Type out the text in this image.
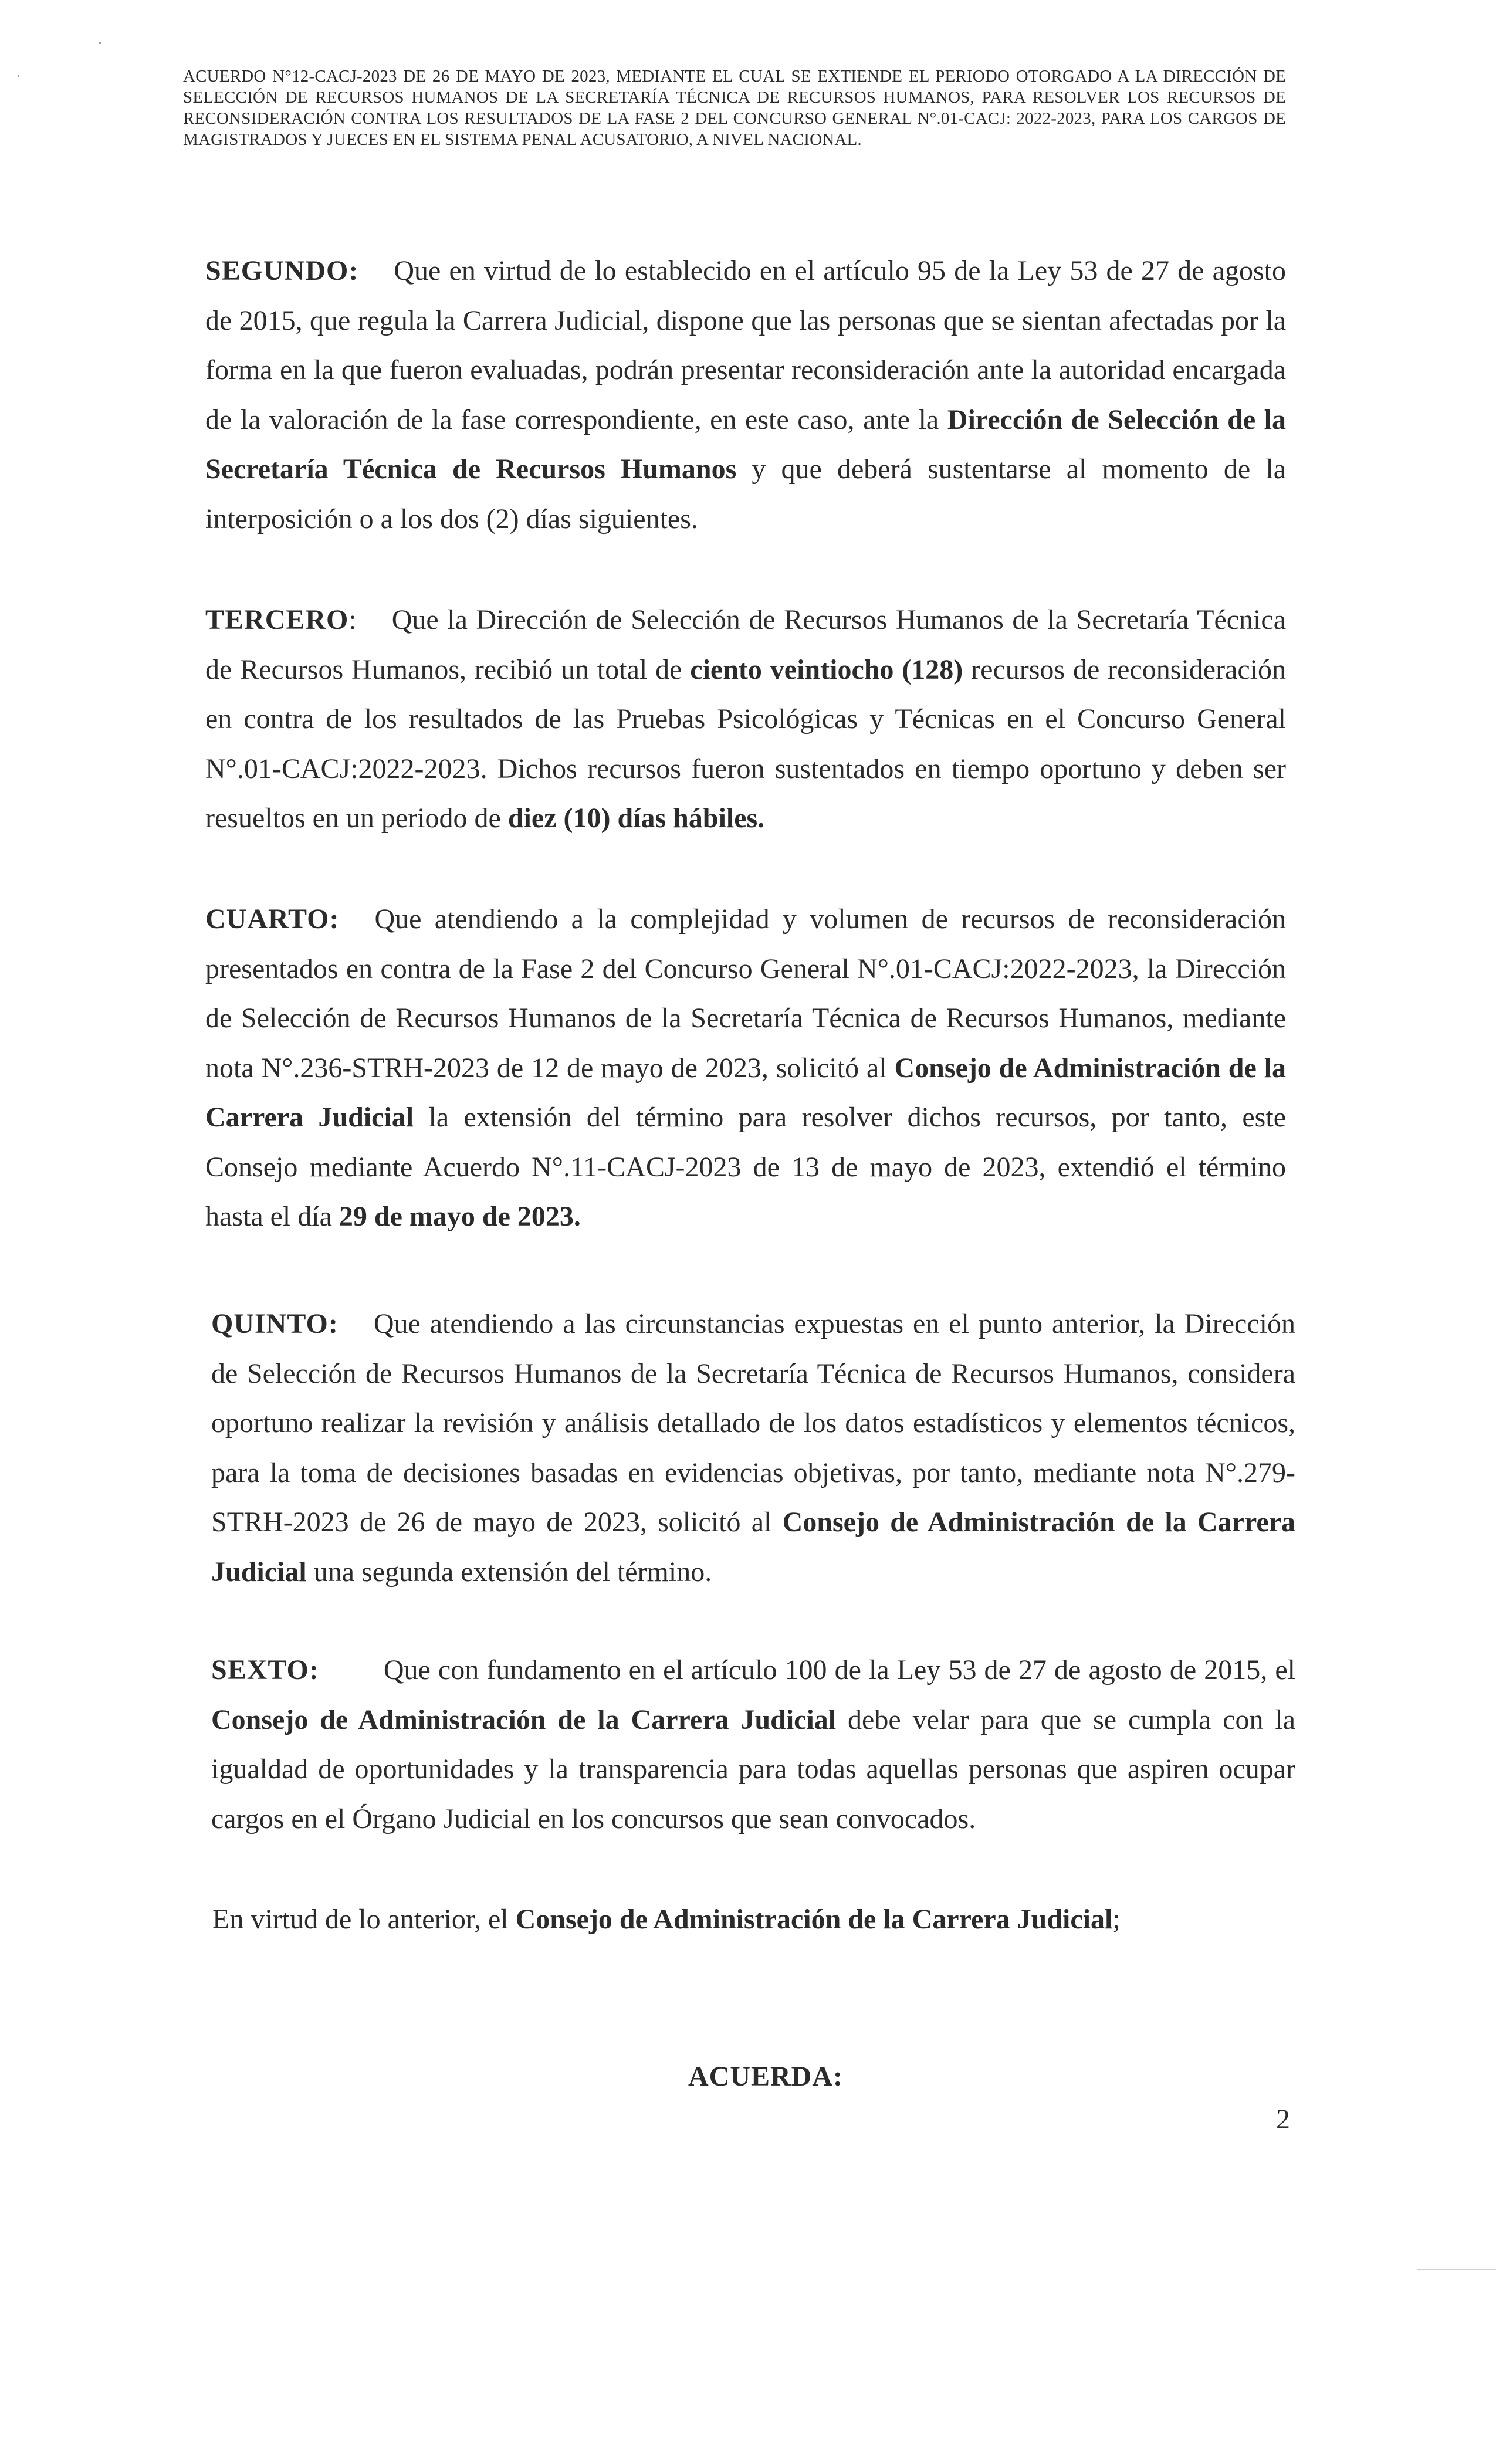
ACUERDO N°12-CACJ-2023 DE 26 DE MAYO DE 2023, MEDIANTE EL CUAL SE EXTIENDE EL PERIODO OTORGADO A LA DIRECCIÓN DE SELECCIÓN DE RECURSOS HUMANOS DE LA SECRETARÍA TÉCNICA DE RECURSOS HUMANOS, PARA RESOLVER LOS RECURSOS DE RECONSIDERACIÓN CONTRA LOS RESULTADOS DE LA FASE 2 DEL CONCURSO GENERAL N°.01-CACJ: 2022-2023, PARA LOS CARGOS DE MAGISTRADOS Y JUECES EN EL SISTEMA PENAL ACUSATORIO, A NIVEL NACIONAL.

SEGUNDO: Que en virtud de lo establecido en el artículo 95 de la Ley 53 de 27 de agosto de 2015, que regula la Carrera Judicial, dispone que las personas que se sientan afectadas por la forma en la que fueron evaluadas, podrán presentar reconsideración ante la autoridad encargada de la valoración de la fase correspondiente, en este caso, ante la Dirección de Selección de la Secretaría Técnica de Recursos Humanos y que deberá sustentarse al momento de la interposición o a los dos (2) días siguientes.

TERCERO: Que la Dirección de Selección de Recursos Humanos de la Secretaría Técnica de Recursos Humanos, recibió un total de ciento veintiocho (128) recursos de reconsideración en contra de los resultados de las Pruebas Psicológicas y Técnicas en el Concurso General N°.01-CACJ:2022-2023. Dichos recursos fueron sustentados en tiempo oportuno y deben ser resueltos en un periodo de diez (10) días hábiles.

CUARTO: Que atendiendo a la complejidad y volumen de recursos de reconsideración presentados en contra de la Fase 2 del Concurso General N°.01-CACJ:2022-2023, la Dirección de Selección de Recursos Humanos de la Secretaría Técnica de Recursos Humanos, mediante nota N°.236-STRH-2023 de 12 de mayo de 2023, solicitó al Consejo de Administración de la Carrera Judicial la extensión del término para resolver dichos recursos, por tanto, este Consejo mediante Acuerdo N°.11-CACJ-2023 de 13 de mayo de 2023, extendió el término hasta el día 29 de mayo de 2023.

QUINTO: Que atendiendo a las circunstancias expuestas en el punto anterior, la Dirección de Selección de Recursos Humanos de la Secretaría Técnica de Recursos Humanos, considera oportuno realizar la revisión y análisis detallado de los datos estadísticos y elementos técnicos, para la toma de decisiones basadas en evidencias objetivas, por tanto, mediante nota N°.279-STRH-2023 de 26 de mayo de 2023, solicitó al Consejo de Administración de la Carrera Judicial una segunda extensión del término.

SEXTO: Que con fundamento en el artículo 100 de la Ley 53 de 27 de agosto de 2015, el Consejo de Administración de la Carrera Judicial debe velar para que se cumpla con la igualdad de oportunidades y la transparencia para todas aquellas personas que aspiren ocupar cargos en el Órgano Judicial en los concursos que sean convocados.

En virtud de lo anterior, el Consejo de Administración de la Carrera Judicial;

ACUERDA:
2
